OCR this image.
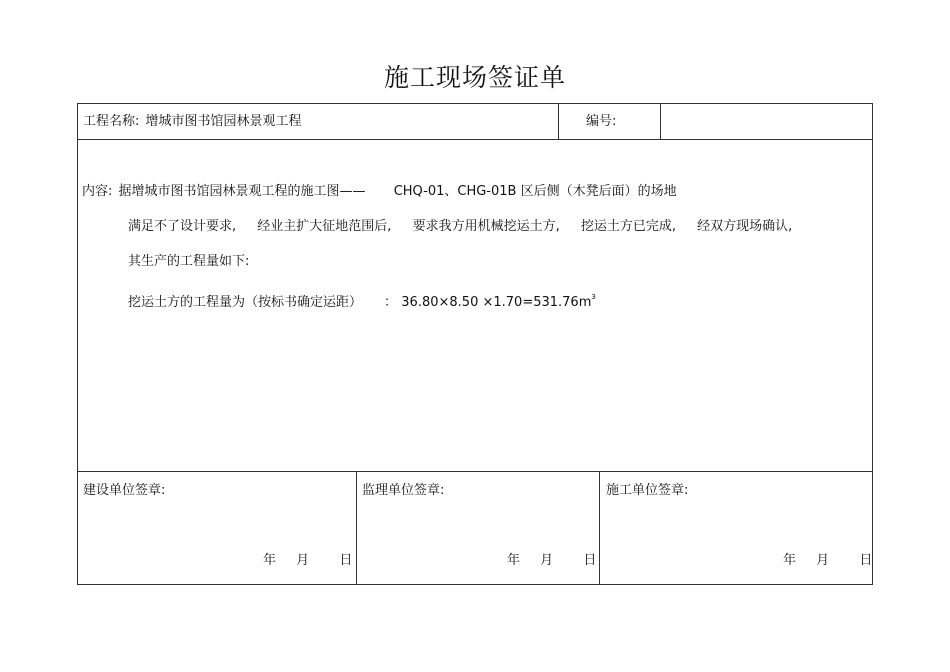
施工现场签证单
工程名称: 增城市图书馆园林景观工程	编号:
内容: 据增城市图书馆园林景观工程的施工图—— CHQ-01、CHG-01B 区后侧（木凳后面）的场地
满足不了设计要求, 经业主扩大征地范围后, 要求我方用机械挖运土方, 挖运土方已完成, 经双方现场确认,
其生产的工程量如下:
挖运土方的工程量为（按标书确定运距） ： $36.80\times 8.50 \times 1.70=531.76m^3$
建设单位签章:
年 月 日
监理单位签章:
年 月 日
施工单位签章:
年 月 日
